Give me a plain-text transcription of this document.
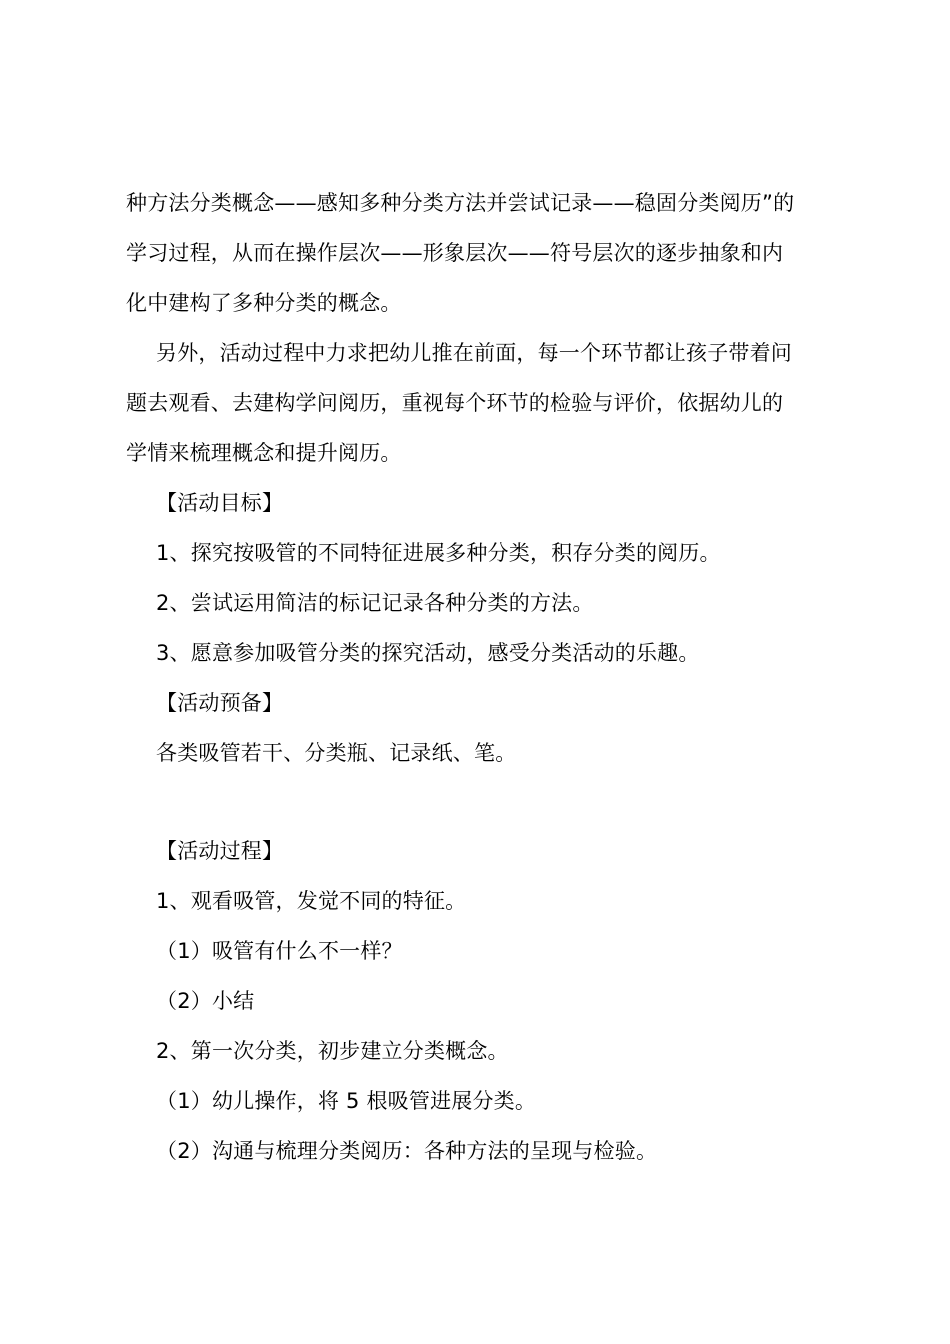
种方法分类概念——感知多种分类方法并尝试记录——稳固分类阅历”的
学习过程，从而在操作层次——形象层次——符号层次的逐步抽象和内
化中建构了多种分类的概念。
另外，活动过程中力求把幼儿推在前面，每一个环节都让孩子带着问
题去观看、去建构学问阅历，重视每个环节的检验与评价，依据幼儿的
学情来梳理概念和提升阅历。
【活动目标】
1、探究按吸管的不同特征进展多种分类，积存分类的阅历。
2、尝试运用简洁的标记记录各种分类的方法。
3、愿意参加吸管分类的探究活动，感受分类活动的乐趣。
【活动预备】
各类吸管若干、分类瓶、记录纸、笔。
【活动过程】
1、观看吸管，发觉不同的特征。
（1）吸管有什么不一样？
（2）小结
2、第一次分类，初步建立分类概念。
（1）幼儿操作，将 5 根吸管进展分类。
（2）沟通与梳理分类阅历：各种方法的呈现与检验。
